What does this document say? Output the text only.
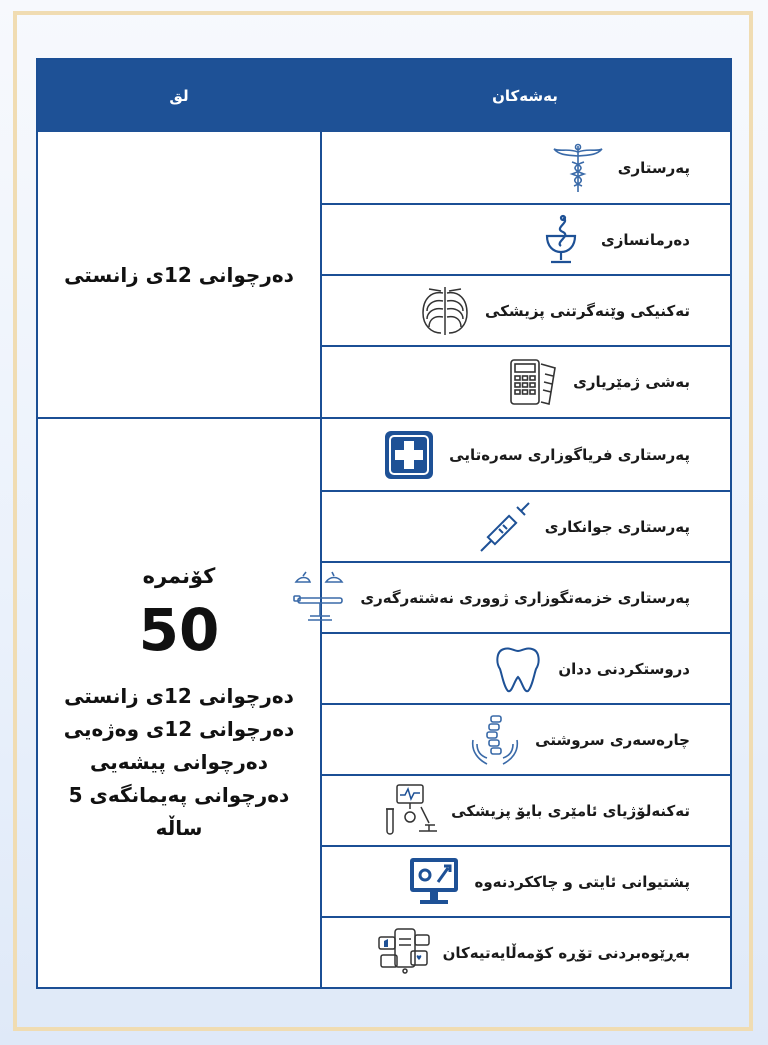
بەشەکان
لق
دەرچوانی 12ی زانستی
کۆنمرە
50
دەرچوانی 12ی زانستی
دەرچوانی 12ی وەژەیی
دەرچوانی پیشەیی
دەرچوانی پەیمانگەی 5
ساڵە
پەرستاری
دەرمانسازی
تەکنیکی وێنەگرتنی پزیشکی
بەشی ژمێریاری
پەرستاری فریاگوزاری سەرەتایی
پەرستاری جوانکاری
پەرستاری خزمەتگوزاری ژووری نەشتەرگەری
دروستکردنی ددان
چارەسەری سروشتی
تەکنەلۆژیای ئامێری بایۆ پزیشکی
پشتیوانی ئایتی و چاککردنەوە
بەڕێوەبردنی تۆڕە کۆمەڵایەتیەکان
